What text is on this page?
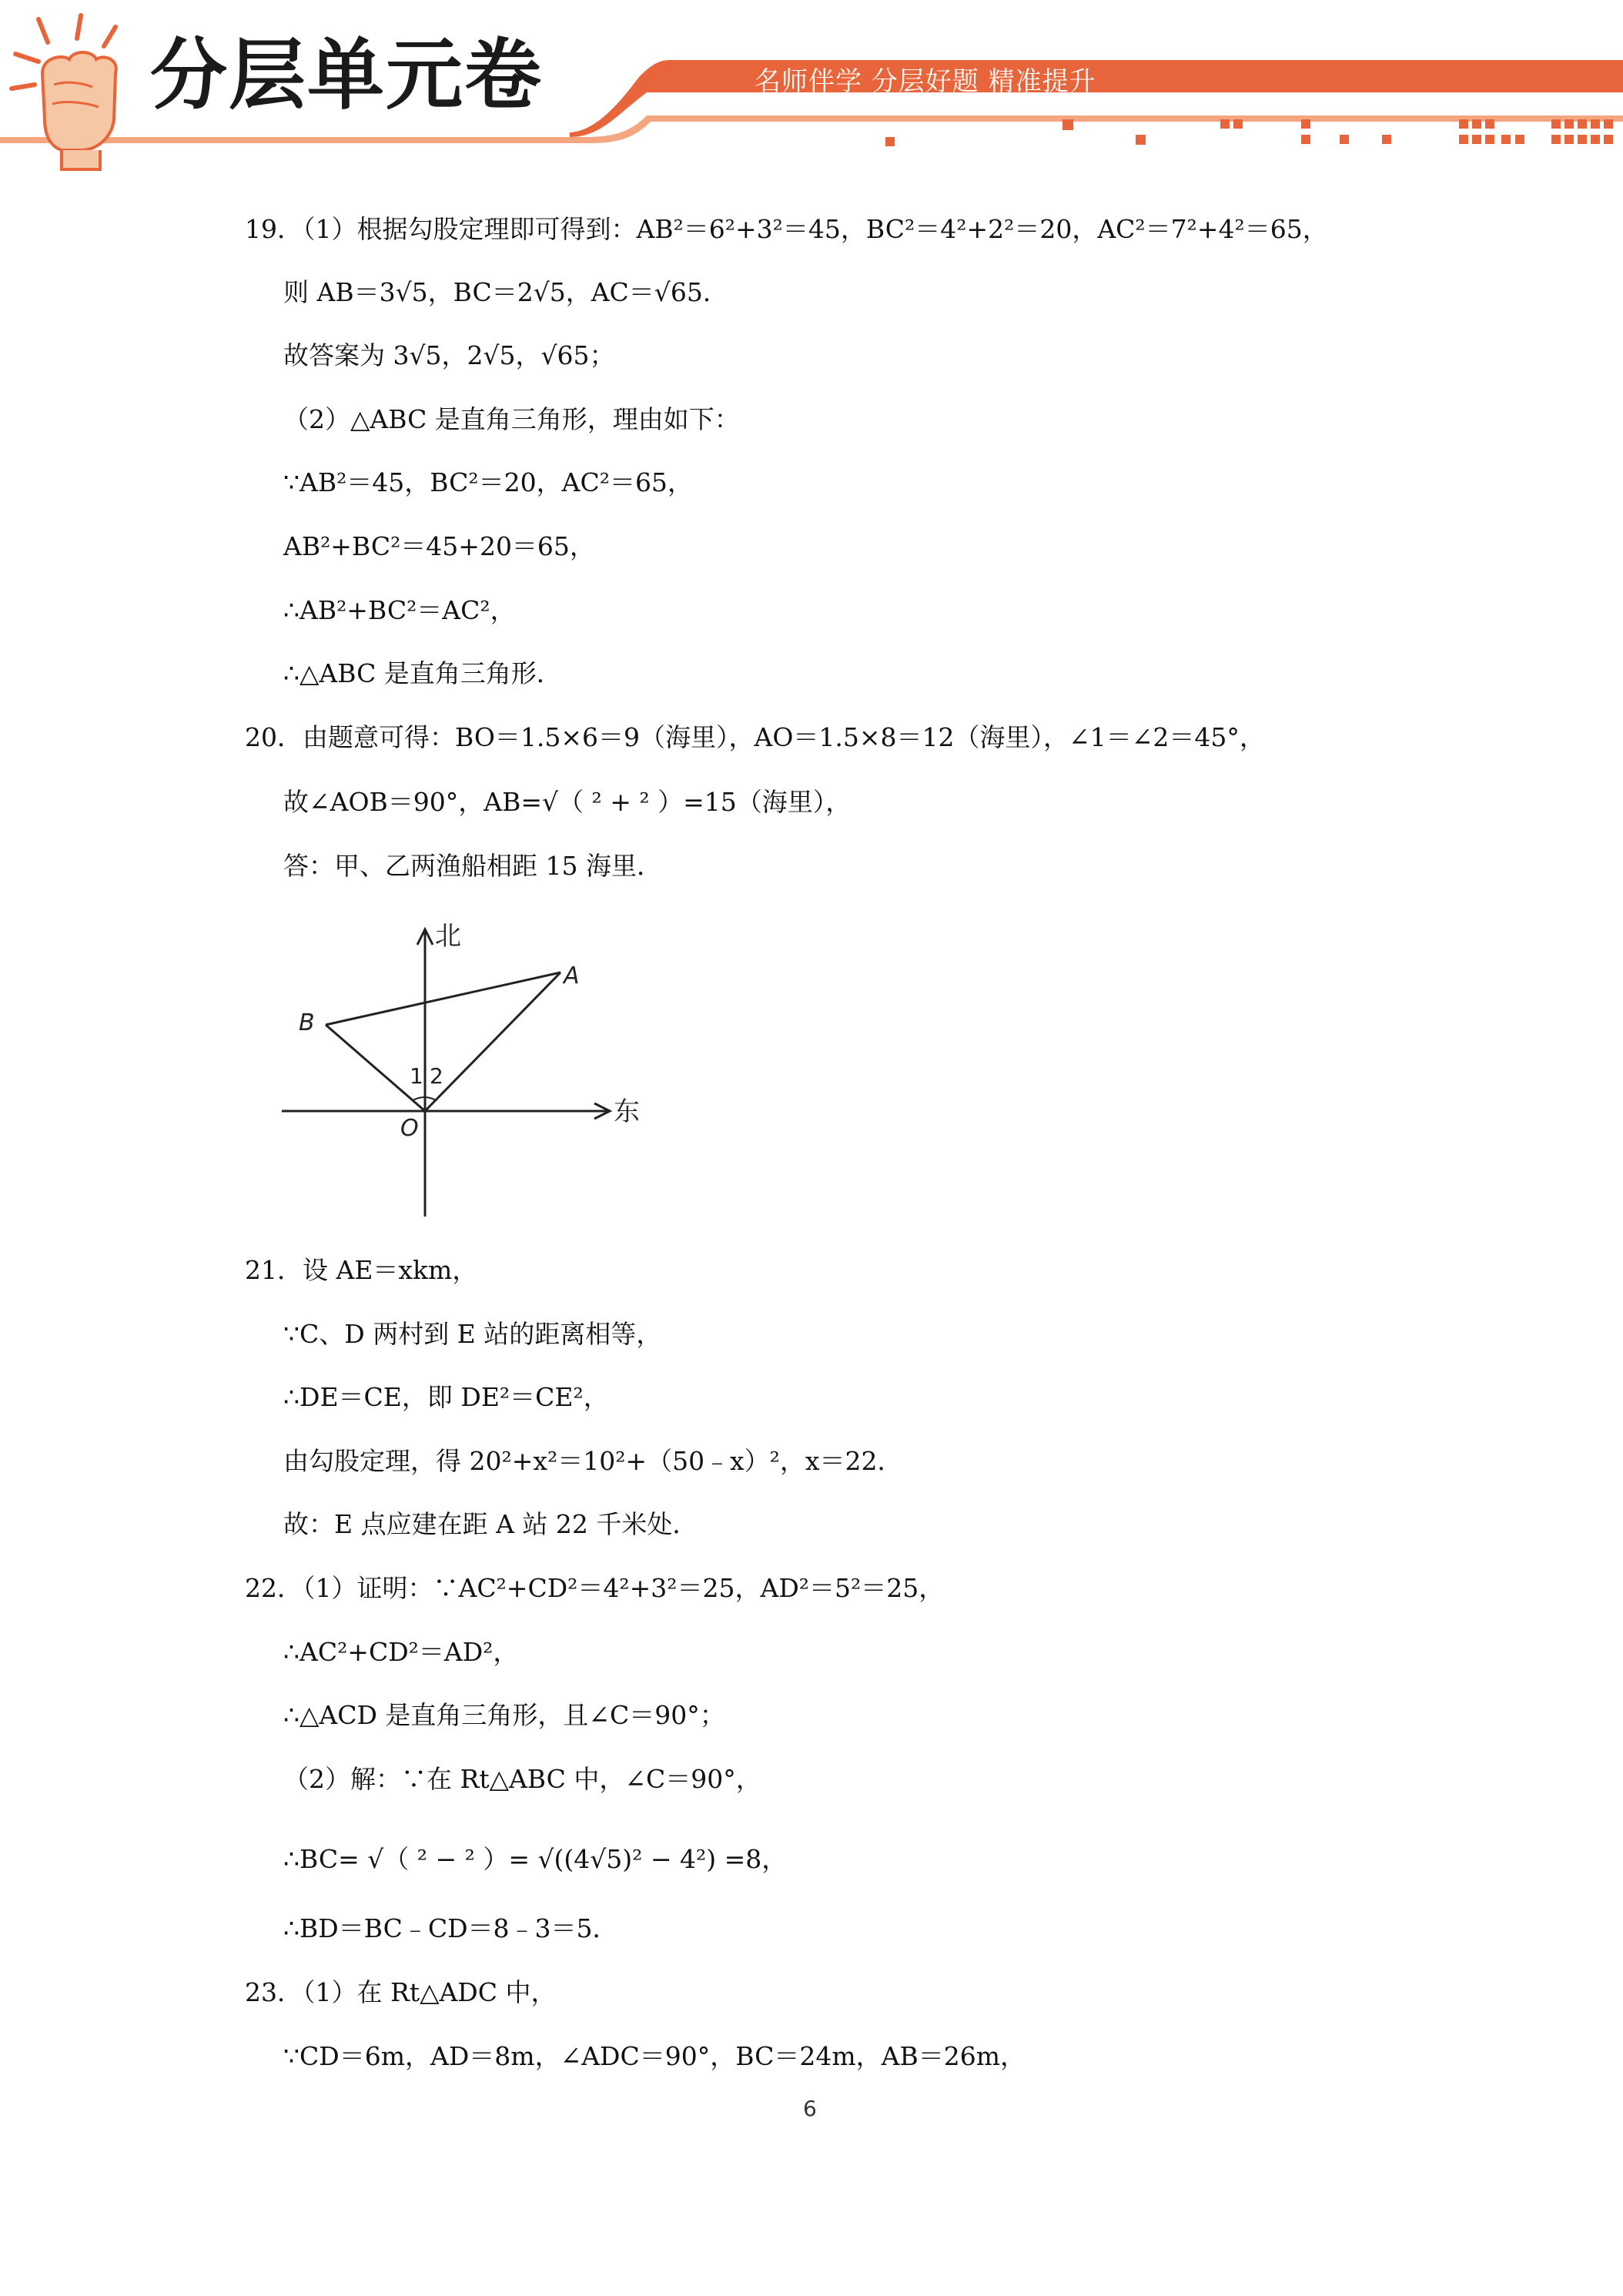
分层单元卷	名师伴学 分层好题 精准提升
19．（1）根据勾股定理即可得到：AB²＝6²+3²＝45，BC²＝4²+2²＝20，AC²＝7²+4²＝65，
则 AB＝3√5，BC＝2√5，AC＝√65．
故答案为 3√5，2√5，√65；
（2）△ABC 是直角三角形，理由如下：
∵AB²＝45，BC²＝20，AC²＝65，
AB²+BC²＝45+20＝65，
∴AB²+BC²＝AC²，
∴△ABC 是直角三角形．
20．由题意可得：BO＝1.5×6＝9（海里），AO＝1.5×8＝12（海里），∠1＝∠2＝45°，
故∠AOB＝90°，AB=√（ ² + ² ）=15（海里），
答：甲、乙两渔船相距 15 海里．
北
东
A
B
O
1 2
21．设 AE＝xkm，
∵C、D 两村到 E 站的距离相等，
∴DE＝CE，即 DE²＝CE²，
由勾股定理，得 20²+x²＝10²+（50﹣x）²，x＝22．
故：E 点应建在距 A 站 22 千米处．
22．（1）证明：∵AC²+CD²＝4²+3²＝25，AD²＝5²＝25，
∴AC²+CD²＝AD²，
∴△ACD 是直角三角形，且∠C＝90°；
（2）解：∵在 Rt△ABC 中，∠C＝90°，
∴BC= √（ ² − ² ）= √((4√5)² − 4²) =8，
∴BD＝BC﹣CD＝8﹣3＝5．
23．（1）在 Rt△ADC 中，
∵CD＝6m，AD＝8m，∠ADC＝90°，BC＝24m，AB＝26m，
6
